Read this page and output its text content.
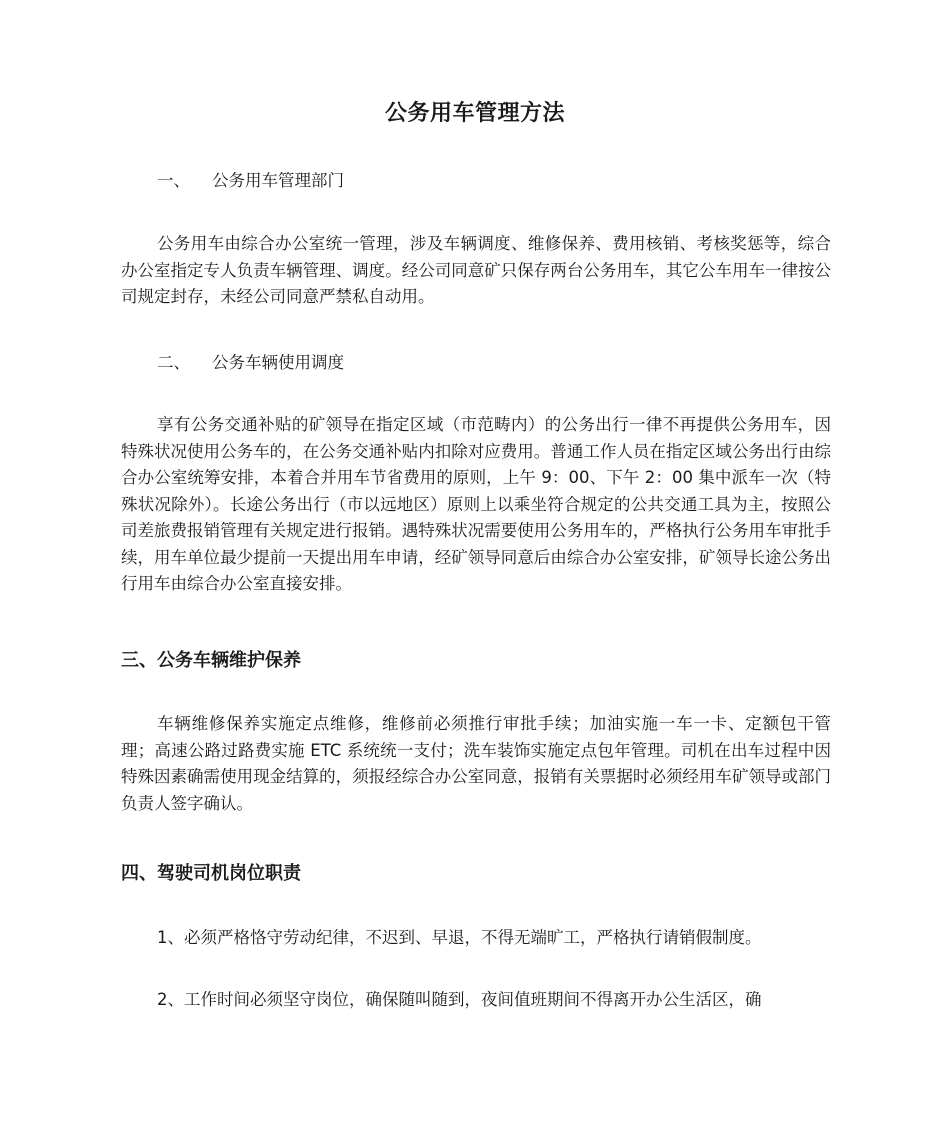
公务用车管理方法
一、 公务用车管理部门

公务用车由综合办公室统一管理，涉及车辆调度、维修保养、费用核销、考核奖惩等，综合办公室指定专人负责车辆管理、调度。经公司同意矿只保存两台公务用车，其它公车用车一律按公司规定封存，未经公司同意严禁私自动用。

二、 公务车辆使用调度

享有公务交通补贴的矿领导在指定区域（市范畴内）的公务出行一律不再提供公务用车，因特殊状况使用公务车的，在公务交通补贴内扣除对应费用。普通工作人员在指定区域公务出行由综合办公室统筹安排，本着合并用车节省费用的原则，上午 9：00、下午 2：00 集中派车一次（特殊状况除外）。长途公务出行（市以远地区）原则上以乘坐符合规定的公共交通工具为主，按照公司差旅费报销管理有关规定进行报销。遇特殊状况需要使用公务用车的，严格执行公务用车审批手续，用车单位最少提前一天提出用车申请，经矿领导同意后由综合办公室安排，矿领导长途公务出行用车由综合办公室直接安排。

三、公务车辆维护保养

车辆维修保养实施定点维修，维修前必须推行审批手续；加油实施一车一卡、定额包干管理；高速公路过路费实施 ETC 系统统一支付；洗车装饰实施定点包年管理。司机在出车过程中因特殊因素确需使用现金结算的，须报经综合办公室同意，报销有关票据时必须经用车矿领导或部门负责人签字确认。

四、驾驶司机岗位职责
1、必须严格恪守劳动纪律，不迟到、早退，不得无端旷工，严格执行请销假制度。
2、工作时间必须坚守岗位，确保随叫随到，夜间值班期间不得离开办公生活区，确
